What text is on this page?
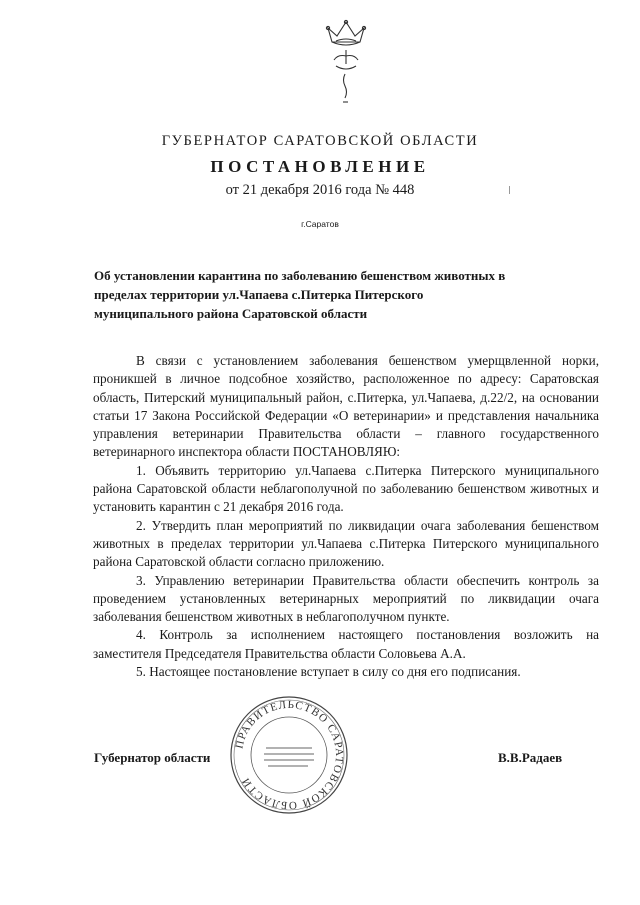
ГУБЕРНАТОР САРАТОВСКОЙ ОБЛАСТИ
ПОСТАНОВЛЕНИЕ
от 21 декабря 2016 года № 448
г.Саратов
Об установлении карантина по заболеванию бешенством животных в пределах территории ул.Чапаева с.Питерка Питерского муниципального района Саратовской области

В связи с установлением заболевания бешенством умерщвленной норки, проникшей в личное подсобное хозяйство, расположенное по адресу: Саратовская область, Питерский муниципальный район, с.Питерка, ул.Чапаева, д.22/2, на основании статьи 17 Закона Российской Федерации «О ветеринарии» и представления начальника управления ветеринарии Правительства области – главного государственного ветеринарного инспектора области ПОСТАНОВЛЯЮ:

1. Объявить территорию ул.Чапаева с.Питерка Питерского муниципального района Саратовской области неблагополучной по заболеванию бешенством животных и установить карантин с 21 декабря 2016 года.

2. Утвердить план мероприятий по ликвидации очага заболевания бешенством животных в пределах территории ул.Чапаева с.Питерка Питерского муниципального района Саратовской области согласно приложению.

3. Управлению ветеринарии Правительства области обеспечить контроль за проведением установленных ветеринарных мероприятий по ликвидации очага заболевания бешенством животных в неблагополучном пункте.

4. Контроль за исполнением настоящего постановления возложить на заместителя Председателя Правительства области Соловьева А.А.

5. Настоящее постановление вступает в силу со дня его подписания.

ПРАВИТЕЛЬСТВО САРАТОВСКОЙ ОБЛАСТИ
Губернатор области	В.В.Радаев
